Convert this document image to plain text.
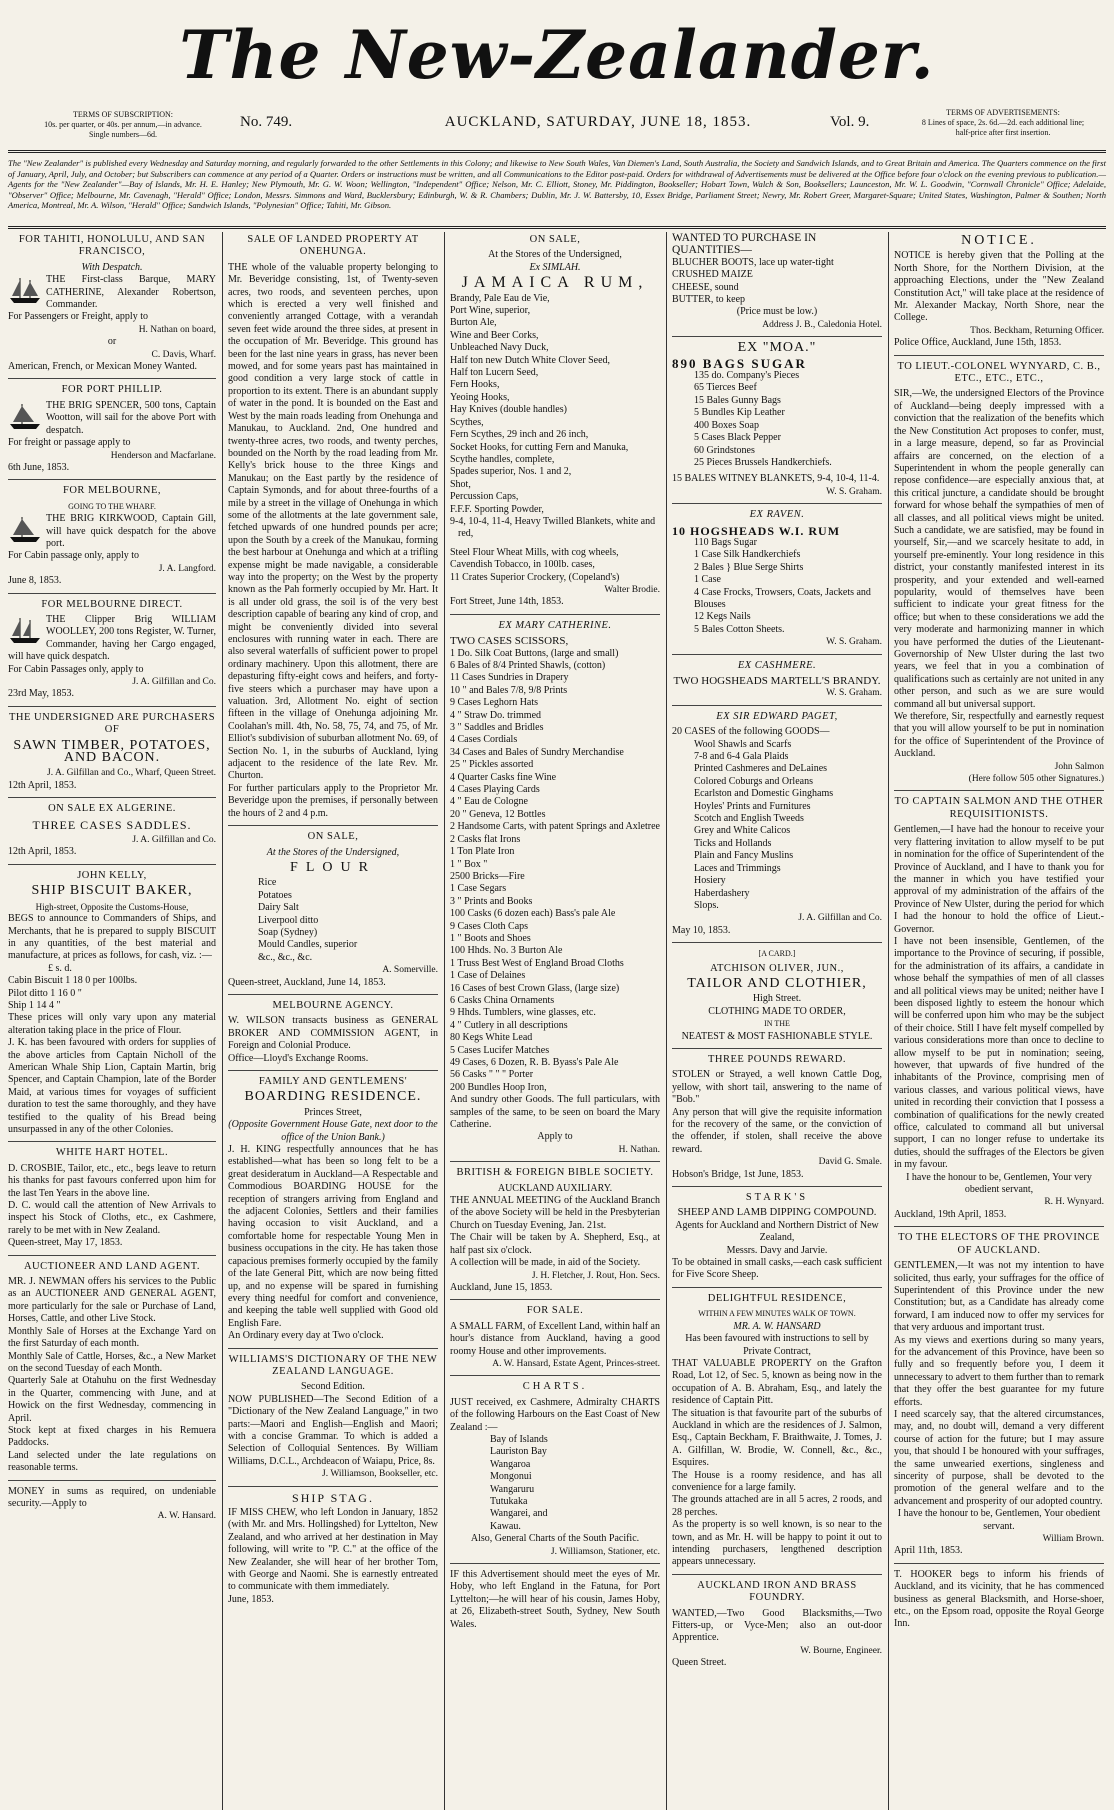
The New-Zealander.
TERMS OF SUBSCRIPTION:
10s. per quarter, or 40s. per annum,—in advance.
Single numbers—6d.
No. 749.	AUCKLAND, SATURDAY, JUNE 18, 1853.	Vol. 9.
TERMS OF ADVERTISEMENTS:
8 Lines of space, 2s. 6d.—2d. each additional line;
half-price after first insertion.
The "New Zealander" is published every Wednesday and Saturday morning, and regularly forwarded to the other Settlements in this Colony; and likewise to New South Wales, Van Diemen's Land, South Australia, the Society and Sandwich Islands, and to Great Britain and America. The Quarters commence on the first of January, April, July, and October; but Subscribers can commence at any period of a Quarter. Orders or instructions must be written, and all Communications to the Editor post-paid. Orders for withdrawal of Advertisements must be delivered at the Office before four o'clock on the evening previous to publication.—Agents for the "New Zealander"—Bay of Islands, Mr. H. E. Hanley; New Plymouth, Mr. G. W. Woon; Wellington, "Independent" Office; Nelson, Mr. C. Elliott, Stoney, Mr. Piddington, Bookseller; Hobart Town, Walch & Son, Booksellers; Launceston, Mr. W. L. Goodwin, "Cornwall Chronicle" Office; Adelaide, "Observer" Office; Melbourne, Mr. Cavenagh, "Herald" Office; London, Messrs. Simmons and Ward, Bucklersbury; Edinburgh, W. & R. Chambers; Dublin, Mr. J. W. Battersby, 10, Essex Bridge, Parliament Street; Newry, Mr. Robert Greer, Margaret-Square; United States, Washington, Palmer & Southen; North America, Montreal, Mr. A. Wilson, "Herald" Office; Sandwich Islands, "Polynesian" Office; Tahiti, Mr. Gibson.
FOR TAHITI, HONOLULU, AND SAN FRANCISCO,
With Despatch.
THE First-class Barque, MARY CATHERINE, Alexander Robertson, Commander.
For Passengers or Freight, apply to
H. Nathan on board,
or
C. Davis, Wharf.
American, French, or Mexican Money Wanted.
FOR PORT PHILLIP.
THE BRIG SPENCER, 500 tons, Captain Wootton, will sail for the above Port with despatch.
For freight or passage apply to
Henderson and Macfarlane.
6th June, 1853.
FOR MELBOURNE,
GOING TO THE WHARF.
THE BRIG KIRKWOOD, Captain Gill, will have quick despatch for the above port.
For Cabin passage only, apply to
J. A. Langford.
June 8, 1853.
FOR MELBOURNE DIRECT.
THE Clipper Brig WILLIAM WOOLLEY, 200 tons Register, W. Turner, Commander, having her Cargo engaged, will have quick despatch.
For Cabin Passages only, apply to
J. A. Gilfillan and Co.
23rd May, 1853.
THE UNDERSIGNED ARE PURCHASERS OF
SAWN TIMBER, POTATOES, AND BACON.
J. A. Gilfillan and Co., Wharf, Queen Street.
12th April, 1853.
ON SALE EX ALGERINE.
THREE CASES SADDLES.
J. A. Gilfillan and Co.
12th April, 1853.
JOHN KELLY,
SHIP BISCUIT BAKER,
High-street, Opposite the Customs-House,
BEGS to announce to Commanders of Ships, and Merchants, that he is prepared to supply BISCUIT in any quantities, of the best material and manufacture, at prices as follows, for cash, viz. :—
£ s. d.
Cabin Biscuit 1 18 0 per 100lbs.
Pilot ditto 1 16 0 "
Ship 1 14 4 "
These prices will only vary upon any material alteration taking place in the price of Flour.
J. K. has been favoured with orders for supplies of the above articles from Captain Nicholl of the American Whale Ship Lion, Captain Martin, brig Spencer, and Captain Champion, late of the Border Maid, at various times for voyages of sufficient duration to test the same thoroughly, and they have testified to the quality of his Bread being unsurpassed in any of the other Colonies.
WHITE HART HOTEL.
D. CROSBIE, Tailor, etc., etc., begs leave to return his thanks for past favours conferred upon him for the last Ten Years in the above line.
D. C. would call the attention of New Arrivals to inspect his Stock of Cloths, etc., ex Cashmere, rarely to be met with in New Zealand.
Queen-street, May 17, 1853.
AUCTIONEER AND LAND AGENT.
MR. J. NEWMAN offers his services to the Public as an AUCTIONEER AND GENERAL AGENT, more particularly for the sale or Purchase of Land, Horses, Cattle, and other Live Stock.
Monthly Sale of Horses at the Exchange Yard on the first Saturday of each month.
Monthly Sale of Cattle, Horses, &c., a New Market on the second Tuesday of each Month.
Quarterly Sale at Otahuhu on the first Wednesday in the Quarter, commencing with June, and at Howick on the first Wednesday, commencing in April.
Stock kept at fixed charges in his Remuera Paddocks.
Land selected under the late regulations on reasonable terms.
MONEY in sums as required, on undeniable security.—Apply to
A. W. Hansard.
SALE OF LANDED PROPERTY AT ONEHUNGA.
THE whole of the valuable property belonging to Mr. Beveridge consisting, 1st, of Twenty-seven acres, two roods, and seventeen perches, upon which is erected a very well finished and conveniently arranged Cottage, with a verandah seven feet wide around the three sides, at present in the occupation of Mr. Beveridge. This ground has been for the last nine years in grass, has never been mowed, and for some years past has maintained in good condition a very large stock of cattle in proportion to its extent. There is an abundant supply of water in the pond. It is bounded on the East and West by the main roads leading from Onehunga and Manukau, to Auckland. 2nd, One hundred and twenty-three acres, two roods, and twenty perches, bounded on the North by the road leading from Mr. Kelly's brick house to the three Kings and Manukau; on the East partly by the residence of Captain Symonds, and for about three-fourths of a mile by a street in the village of Onehunga in which some of the allotments at the late government sale, fetched upwards of one hundred pounds per acre; upon the South by a creek of the Manukau, forming the best harbour at Onehunga and which at a trifling expense might be made navigable, a considerable way into the property; on the West by the property known as the Pah formerly occupied by Mr. Hart. It is all under old grass, the soil is of the very best description capable of bearing any kind of crop, and might be conveniently divided into several enclosures with running water in each. There are also several waterfalls of sufficient power to propel ordinary machinery. Upon this allotment, there are depasturing fifty-eight cows and heifers, and forty-five steers which a purchaser may have upon a valuation. 3rd, Allotment No. eight of section fifteen in the village of Onehunga adjoining Mr. Coolahan's mill. 4th, No. 58, 75, 74, and 75, of Mr. Elliot's subdivision of suburban allotment No. 69, of Section No. 1, in the suburbs of Auckland, lying adjacent to the residence of the late Rev. Mr. Churton.
For further particulars apply to the Proprietor Mr. Beveridge upon the premises, if personally between the hours of 2 and 4 p.m.
ON SALE,
At the Stores of the Undersigned,
FLOUR
Rice
Potatoes
Dairy Salt
Liverpool ditto
Soap (Sydney)
Mould Candles, superior
&c., &c., &c.
A. Somerville.
Queen-street, Auckland, June 14, 1853.
MELBOURNE AGENCY.
W. WILSON transacts business as GENERAL BROKER AND COMMISSION AGENT, in Foreign and Colonial Produce.
Office—Lloyd's Exchange Rooms.
FAMILY AND GENTLEMENS'
BOARDING RESIDENCE.
Princes Street,
(Opposite Government House Gate, next door to the office of the Union Bank.)
J. H. KING respectfully announces that he has established—what has been so long felt to be a great desideratum in Auckland—A Respectable and Commodious BOARDING HOUSE for the reception of strangers arriving from England and the adjacent Colonies, Settlers and their families having occasion to visit Auckland, and a comfortable home for respectable Young Men in business occupations in the city. He has taken those capacious premises formerly occupied by the family of the late General Pitt, which are now being fitted up, and no expense will be spared in furnishing every thing needful for comfort and convenience, and keeping the table well supplied with Good old English Fare.
An Ordinary every day at Two o'clock.
WILLIAMS'S DICTIONARY OF THE NEW ZEALAND LANGUAGE.
Second Edition.
NOW PUBLISHED—The Second Edition of a "Dictionary of the New Zealand Language," in two parts:—Maori and English—English and Maori; with a concise Grammar. To which is added a Selection of Colloquial Sentences. By William Williams, D.C.L., Archdeacon of Waiapu, Price, 8s.
J. Williamson, Bookseller, etc.
SHIP STAG.
IF MISS CHEW, who left London in January, 1852 (with Mr. and Mrs. Hollingshed) for Lyttelton, New Zealand, and who arrived at her destination in May following, will write to "P. C." at the office of the New Zealander, she will hear of her brother Tom, with George and Naomi. She is earnestly entreated to communicate with them immediately.
June, 1853.
ON SALE,
At the Stores of the Undersigned,
Ex SIMLAH.
JAMAICA RUM,
Brandy, Pale Eau de Vie,
Port Wine, superior,
Burton Ale,
Wine and Beer Corks,
Unbleached Navy Duck,
Half ton new Dutch White Clover Seed,
Half ton Lucern Seed,
Fern Hooks,
Yeoing Hooks,
Hay Knives (double handles)
Scythes,
Fern Scythes, 29 inch and 26 inch,
Socket Hooks, for cutting Fern and Manuka,
Scythe handles, complete,
Spades superior, Nos. 1 and 2,
Shot,
Percussion Caps,
F.F.F. Sporting Powder,
9-4, 10-4, 11-4, Heavy Twilled Blankets, white and red,
Steel Flour Wheat Mills, with cog wheels,
Cavendish Tobacco, in 100lb. cases,
11 Crates Superior Crockery, (Copeland's)
Walter Brodie.
Fort Street, June 14th, 1853.
EX MARY CATHERINE.
TWO CASES SCISSORS,
1 Do. Silk Coat Buttons, (large and small)
6 Bales of 8/4 Printed Shawls, (cotton)
11 Cases Sundries in Drapery
10 " and Bales 7/8, 9/8 Prints
9 Cases Leghorn Hats
4 " Straw Do. trimmed
3 " Saddles and Bridles
4 Cases Cordials
34 Cases and Bales of Sundry Merchandise
25 " Pickles assorted
4 Quarter Casks fine Wine
4 Cases Playing Cards
4 " Eau de Cologne
20 " Geneva, 12 Bottles
2 Handsome Carts, with patent Springs and Axletree
2 Casks flat Irons
1 Ton Plate Iron
1 " Box "
2500 Bricks—Fire
1 Case Segars
3 " Prints and Books
100 Casks (6 dozen each) Bass's pale Ale
9 Cases Cloth Caps
1 " Boots and Shoes
100 Hhds. No. 3 Burton Ale
1 Truss Best West of England Broad Cloths
1 Case of Delaines
16 Cases of best Crown Glass, (large size)
6 Casks China Ornaments
9 Hhds. Tumblers, wine glasses, etc.
4 " Cutlery in all descriptions
80 Kegs White Lead
5 Cases Lucifer Matches
49 Cases, 6 Dozen, R. B. Byass's Pale Ale
56 Casks " " " Porter
200 Bundles Hoop Iron,
And sundry other Goods. The full particulars, with samples of the same, to be seen on board the Mary Catherine.
Apply to
H. Nathan.
BRITISH & FOREIGN BIBLE SOCIETY.
AUCKLAND AUXILIARY.
THE ANNUAL MEETING of the Auckland Branch of the above Society will be held in the Presbyterian Church on Tuesday Evening, Jan. 21st.
The Chair will be taken by A. Shepherd, Esq., at half past six o'clock.
A collection will be made, in aid of the Society.
J. H. Fletcher, J. Rout, Hon. Secs.
Auckland, June 15, 1853.
FOR SALE.
A SMALL FARM, of Excellent Land, within half an hour's distance from Auckland, having a good roomy House and other improvements.
A. W. Hansard, Estate Agent, Princes-street.
CHARTS.
JUST received, ex Cashmere, Admiralty CHARTS of the following Harbours on the East Coast of New Zealand :—
Bay of Islands
Lauriston Bay
Wangaroa
Mongonui
Wangaruru
Tutukaka
Wangarei, and
Kawau.
Also, General Charts of the South Pacific.
J. Williamson, Stationer, etc.
IF this Advertisement should meet the eyes of Mr. Hoby, who left England in the Fatuna, for Port Lyttelton;—he will hear of his cousin, James Hoby, at 26, Elizabeth-street South, Sydney, New South Wales.
WANTED TO PURCHASE IN QUANTITIES—
BLUCHER BOOTS, lace up water-tight
CRUSHED MAIZE
CHEESE, sound
BUTTER, to keep
(Price must be low.)
Address J. B., Caledonia Hotel.
EX "MOA."
890 BAGS SUGAR
135 do. Company's Pieces
65 Tierces Beef
15 Bales Gunny Bags
5 Bundles Kip Leather
400 Boxes Soap
5 Cases Black Pepper
60 Grindstones
25 Pieces Brussels Handkerchiefs.
15 BALES WITNEY BLANKETS, 9-4, 10-4, 11-4.
W. S. Graham.
EX RAVEN.
10 HOGSHEADS W.I. RUM
110 Bags Sugar
1 Case Silk Handkerchiefs
2 Bales } Blue Serge Shirts
1 Case
4 Case Frocks, Trowsers, Coats, Jackets and Blouses
12 Kegs Nails
5 Bales Cotton Sheets.
W. S. Graham.
EX CASHMERE.
TWO HOGSHEADS MARTELL'S BRANDY.
W. S. Graham.
EX SIR EDWARD PAGET,
20 CASES of the following GOODS—
Wool Shawls and Scarfs
7-8 and 6-4 Gala Plaids
Printed Cashmeres and DeLaines
Colored Coburgs and Orleans
Ecarlston and Domestic Ginghams
Hoyles' Prints and Furnitures
Scotch and English Tweeds
Grey and White Calicos
Ticks and Hollands
Plain and Fancy Muslins
Laces and Trimmings
Hosiery
Haberdashery
Slops.
J. A. Gilfillan and Co.
May 10, 1853.
[A CARD.]
ATCHISON OLIVER, JUN.,
TAILOR AND CLOTHIER,
High Street.
CLOTHING MADE TO ORDER,
IN THE
NEATEST & MOST FASHIONABLE STYLE.
THREE POUNDS REWARD.
STOLEN or Strayed, a well known Cattle Dog, yellow, with short tail, answering to the name of "Bob."
Any person that will give the requisite information for the recovery of the same, or the conviction of the offender, if stolen, shall receive the above reward.
David G. Smale.
Hobson's Bridge, 1st June, 1853.
STARK'S
SHEEP AND LAMB DIPPING COMPOUND.
Agents for Auckland and Northern District of New Zealand,
Messrs. Davy and Jarvie.
To be obtained in small casks,—each cask sufficient for Five Score Sheep.
DELIGHTFUL RESIDENCE,
WITHIN A FEW MINUTES WALK OF TOWN.
MR. A. W. HANSARD
Has been favoured with instructions to sell by Private Contract,
THAT VALUABLE PROPERTY on the Grafton Road, Lot 12, of Sec. 5, known as being now in the occupation of A. B. Abraham, Esq., and lately the residence of Captain Pitt.
The situation is that favourite part of the suburbs of Auckland in which are the residences of J. Salmon, Esq., Captain Beckham, F. Braithwaite, J. Tomes, J. A. Gilfillan, W. Brodie, W. Connell, &c., &c., Esquires.
The House is a roomy residence, and has all convenience for a large family.
The grounds attached are in all 5 acres, 2 roods, and 28 perches.
As the property is so well known, is so near to the town, and as Mr. H. will be happy to point it out to intending purchasers, lengthened description appears unnecessary.
AUCKLAND IRON AND BRASS FOUNDRY.
WANTED,—Two Good Blacksmiths,—Two Fitters-up, or Vyce-Men; also an out-door Apprentice.
W. Bourne, Engineer.
Queen Street.
NOTICE.
NOTICE is hereby given that the Polling at the North Shore, for the Northern Division, at the approaching Elections, under the "New Zealand Constitution Act," will take place at the residence of Mr. Alexander Mackay, North Shore, near the College.
Thos. Beckham, Returning Officer.
Police Office, Auckland, June 15th, 1853.
TO LIEUT.-COLONEL WYNYARD, C. B., ETC., ETC., ETC.,
SIR,—We, the undersigned Electors of the Province of Auckland—being deeply impressed with a conviction that the realization of the benefits which the New Constitution Act proposes to confer, must, in a large measure, depend, so far as Provincial affairs are concerned, on the election of a Superintendent in whom the people generally can repose confidence—are especially anxious that, at this critical juncture, a candidate should be brought forward for whose behalf the sympathies of men of all classes, and all political views might be united. Such a candidate, we are satisfied, may be found in yourself, Sir,—and we scarcely hesitate to add, in yourself pre-eminently. Your long residence in this district, your constantly manifested interest in its prosperity, and your extended and well-earned popularity, would of themselves have been sufficient to indicate your great fitness for the office; but when to these considerations we add the very moderate and harmonizing manner in which you have performed the duties of the Lieutenant-Governorship of New Ulster during the last two years, we feel that in you a combination of qualifications such as certainly are not united in any other person, and such as we are sure would command all but universal support.
We therefore, Sir, respectfully and earnestly request that you will allow yourself to be put in nomination for the office of Superintendent of the Province of Auckland.
John Salmon
(Here follow 505 other Signatures.)
TO CAPTAIN SALMON AND THE OTHER REQUISITIONISTS.
Gentlemen,—I have had the honour to receive your very flattering invitation to allow myself to be put in nomination for the office of Superintendent of the Province of Auckland, and I have to thank you for the manner in which you have testified your approval of my administration of the affairs of the Province of New Ulster, during the period for which I had the honour to hold the office of Lieut.-Governor.
I have not been insensible, Gentlemen, of the importance to the Province of securing, if possible, for the administration of its affairs, a candidate in whose behalf the sympathies of men of all classes and all political views may be united; neither have I been disposed lightly to esteem the honour which will be conferred upon him who may be the subject of their choice. Still I have felt myself compelled by various considerations more than once to decline to allow myself to be put in nomination; seeing, however, that upwards of five hundred of the inhabitants of the Province, comprising men of various classes, and various political views, have united in recording their conviction that I possess a combination of qualifications for the newly created office, calculated to command all but universal support, I can no longer refuse to undertake its duties, should the suffrages of the Electors be given in my favour.
I have the honour to be, Gentlemen, Your very obedient servant,
R. H. Wynyard.
Auckland, 19th April, 1853.
TO THE ELECTORS OF THE PROVINCE OF AUCKLAND.
GENTLEMEN,—It was not my intention to have solicited, thus early, your suffrages for the office of Superintendent of this Province under the new Constitution; but, as a Candidate has already come forward, I am induced now to offer my services for that very arduous and important trust.
As my views and exertions during so many years, for the advancement of this Province, have been so fully and so frequently before you, I deem it unnecessary to advert to them further than to remark that they offer the best guarantee for my future efforts.
I need scarcely say, that the altered circumstances, may, and, no doubt will, demand a very different course of action for the future; but I may assure you, that should I be honoured with your suffrages, the same unwearied exertions, singleness and sincerity of purpose, shall be devoted to the promotion of the general welfare and to the advancement and prosperity of our adopted country.
I have the honour to be, Gentlemen, Your obedient servant.
William Brown.
April 11th, 1853.
T. HOOKER begs to inform his friends of Auckland, and its vicinity, that he has commenced business as general Blacksmith, and Horse-shoer, etc., on the Epsom road, opposite the Royal George Inn.
